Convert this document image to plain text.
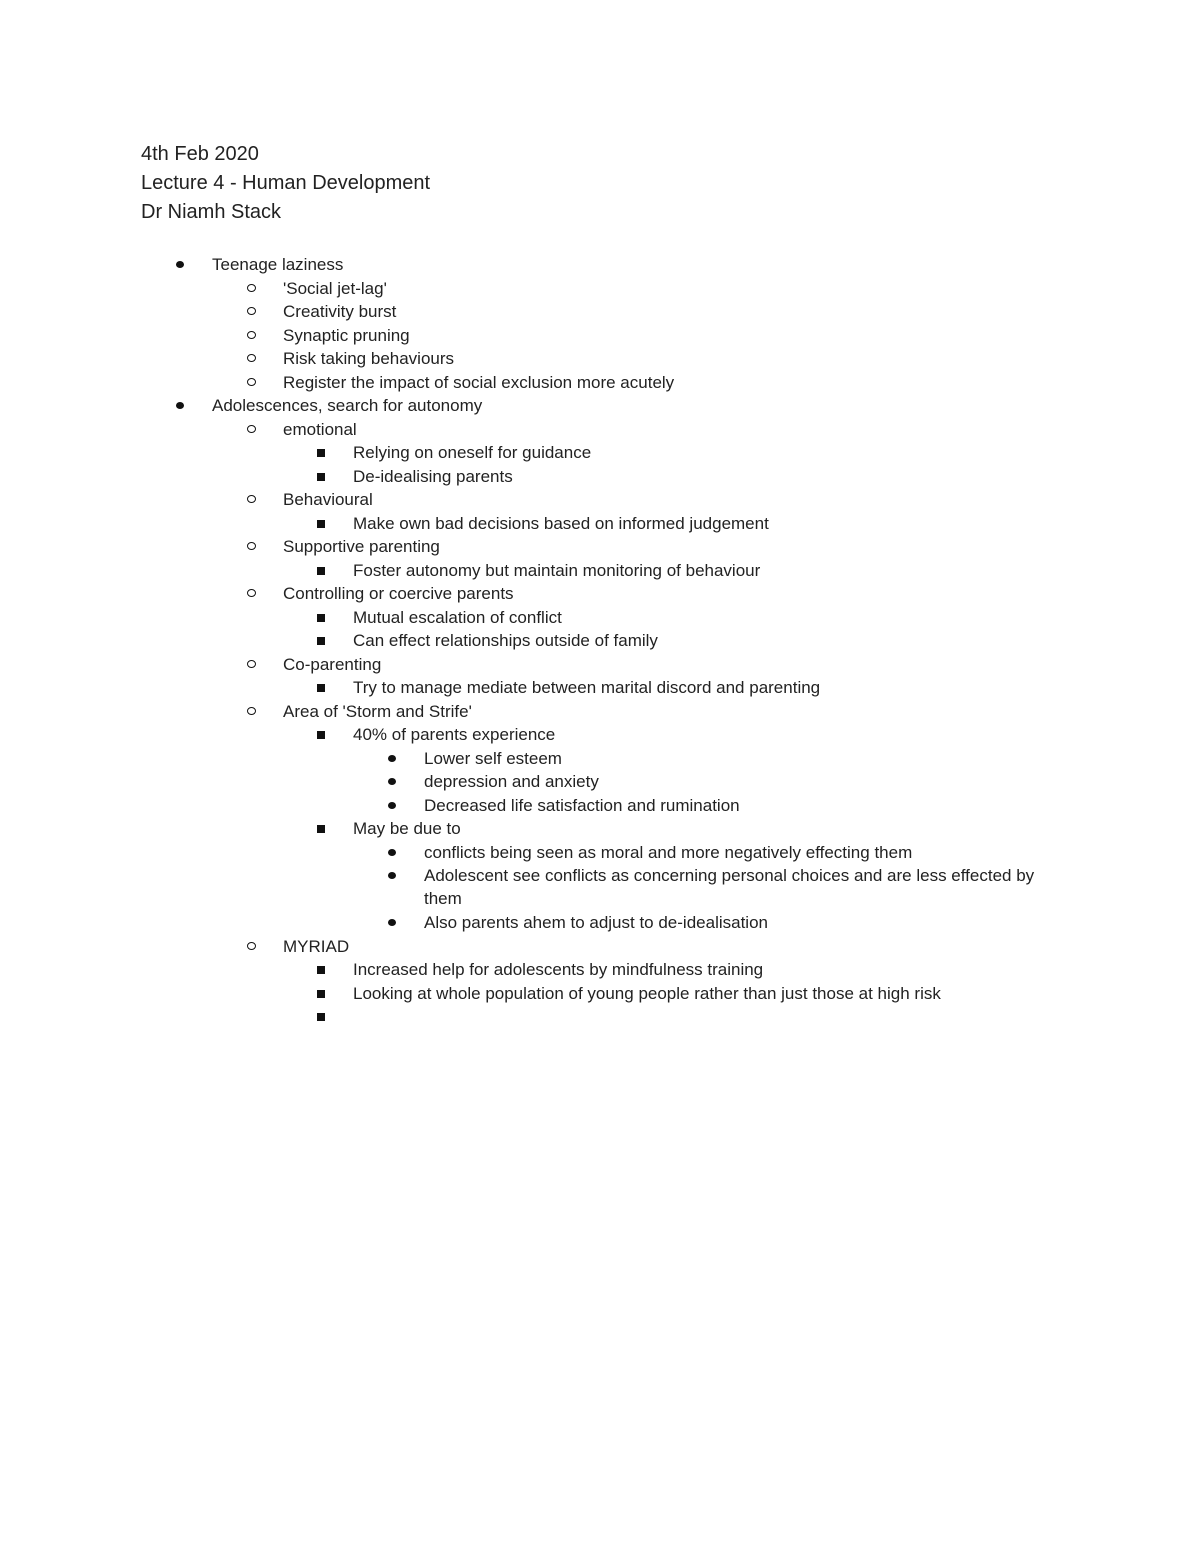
4th Feb 2020
Lecture 4 - Human Development
Dr Niamh Stack
Teenage laziness
'Social jet-lag'
Creativity burst
Synaptic pruning
Risk taking behaviours
Register the impact of social exclusion more acutely
Adolescences, search for autonomy
emotional
Relying on oneself for guidance
De-idealising parents
Behavioural
Make own bad decisions based on informed judgement
Supportive parenting
Foster autonomy but maintain monitoring of behaviour
Controlling or coercive parents
Mutual escalation of conflict
Can effect relationships outside of family
Co-parenting
Try to manage mediate between marital discord and parenting
Area of 'Storm and Strife'
40% of parents experience
Lower self esteem
depression and anxiety
Decreased life satisfaction and rumination
May be due to
conflicts being seen as moral and more negatively effecting them
Adolescent see conflicts as concerning personal choices and are less effected by them
Also parents ahem to adjust to de-idealisation
MYRIAD
Increased help for adolescents by mindfulness training
Looking at whole population of young people rather than just those at high risk
